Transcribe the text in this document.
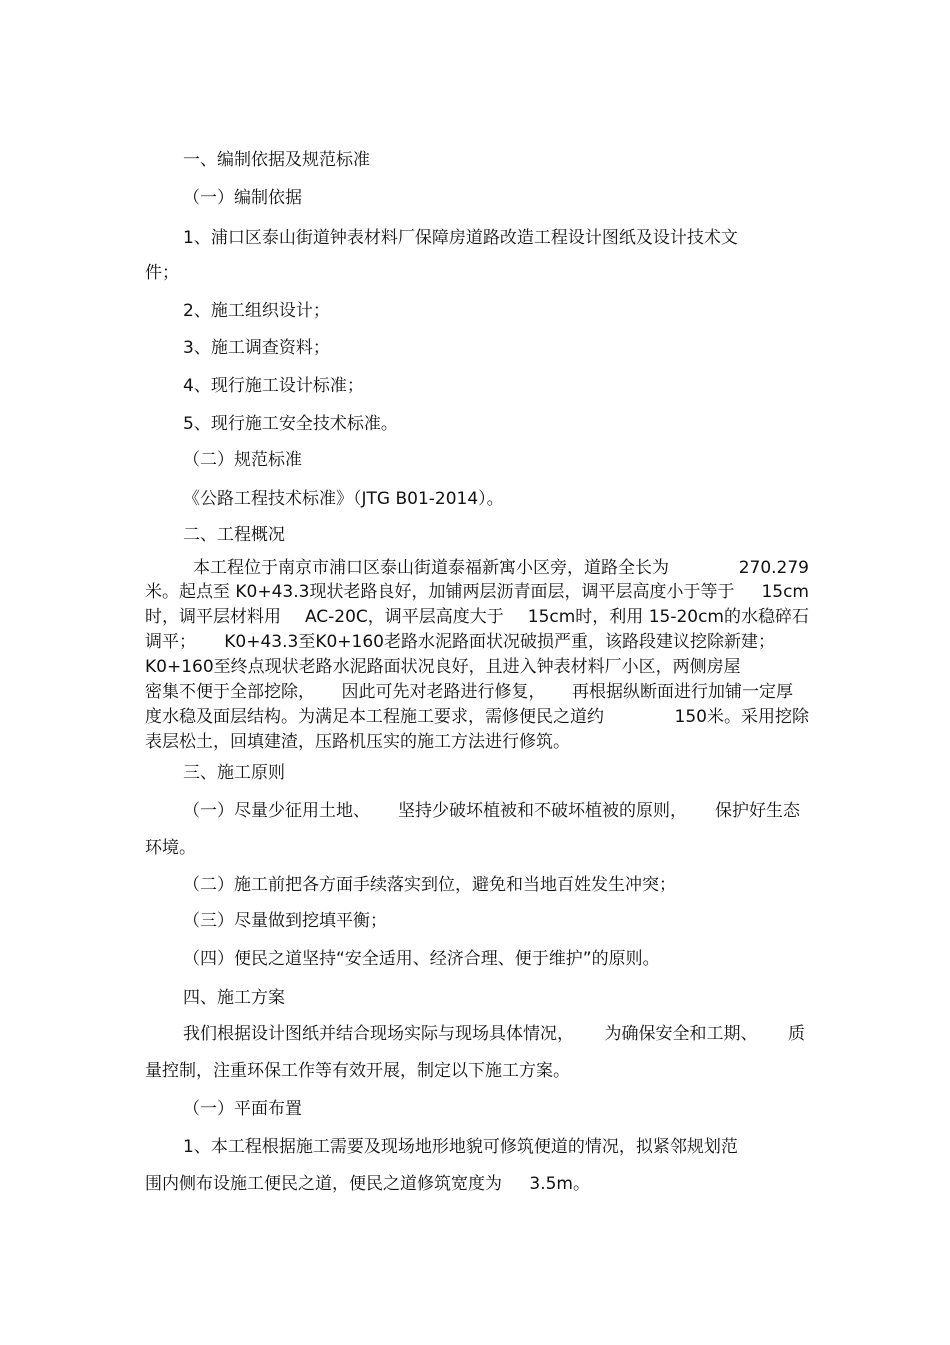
一、编制依据及规范标准
（一）编制依据
1、浦口区泰山街道钟表材料厂保障房道路改造工程设计图纸及设计技术文
件；
2、施工组织设计；
3、施工调查资料；
4、现行施工设计标准；
5、现行施工安全技术标准。
（二）规范标准
《公路工程技术标准》（JTG B01-2014）。
二、工程概况
本工程位于南京市浦口区泰山街道泰福新寓小区旁，道路全长为	270.279
米。起点至 K0+43.3现状老路良好，加铺两层沥青面层，调平层高度小于等于 15cm
时，调平层材料用 AC-20C，调平层高度大于 15cm时，利用 15-20cm的水稳碎石
调平； K0+43.3至K0+160老路水泥路面状况破损严重，该路段建议挖除新建；
K0+160至终点现状老路水泥路面状况良好，且进入钟表材料厂小区，两侧房屋
密集不便于全部挖除， 因此可先对老路进行修复， 再根据纵断面进行加铺一定厚
度水稳及面层结构。为满足本工程施工要求，需修便民之道约	150米。采用挖除
表层松土，回填建渣，压路机压实的施工方法进行修筑。
三、施工原则
（一）尽量少征用土地、 坚持少破坏植被和不破坏植被的原则， 保护好生态
环境。
（二）施工前把各方面手续落实到位，避免和当地百姓发生冲突；
（三）尽量做到挖填平衡；
（四）便民之道坚持“安全适用、经济合理、便于维护”的原则。
四、施工方案
我们根据设计图纸并结合现场实际与现场具体情况， 为确保安全和工期、 质
量控制，注重环保工作等有效开展，制定以下施工方案。
（一）平面布置
1、本工程根据施工需要及现场地形地貌可修筑便道的情况，拟紧邻规划范
围内侧布设施工便民之道，便民之道修筑宽度为 3.5m。
